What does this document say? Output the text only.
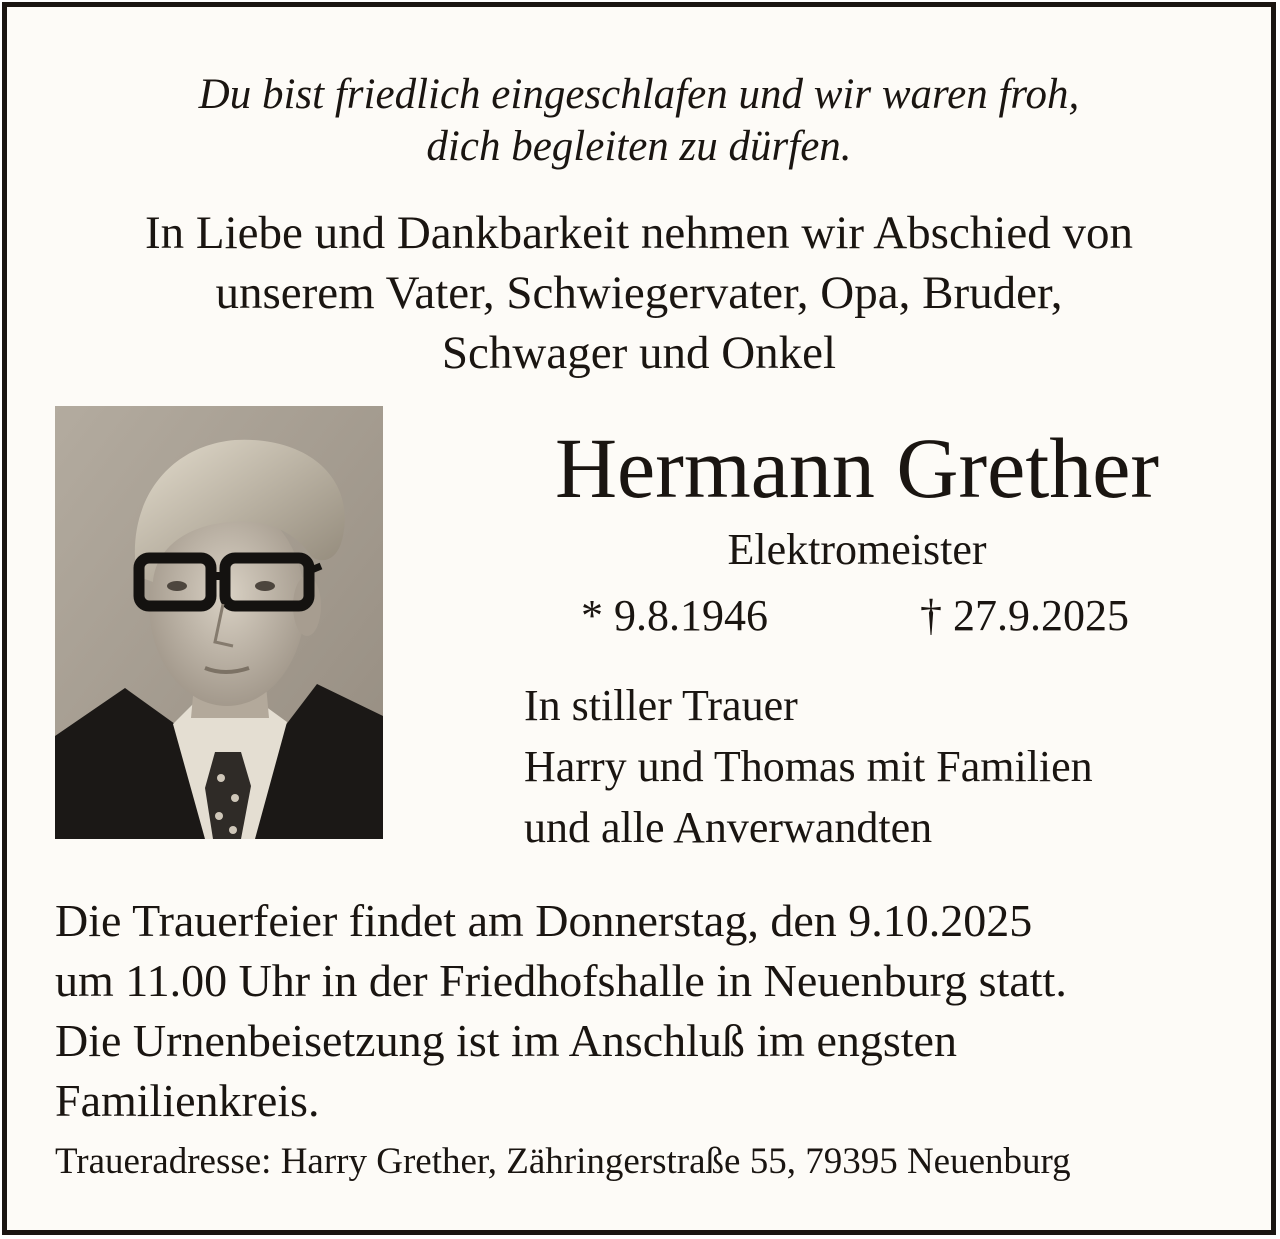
Du bist friedlich eingeschlafen und wir waren froh,
dich begleiten zu dürfen.
In Liebe und Dankbarkeit nehmen wir Abschied von
unserem Vater, Schwiegervater, Opa, Bruder,
Schwager und Onkel
Hermann Grether
Elektromeister
* 9.8.1946	† 27.9.2025
In stiller Trauer
Harry und Thomas mit Familien
und alle Anverwandten
Die Trauerfeier findet am Donnerstag, den 9.10.2025
um 11.00 Uhr in der Friedhofshalle in Neuenburg statt.
Die Urnenbeisetzung ist im Anschluß im engsten
Familienkreis.
Traueradresse: Harry Grether, Zähringerstraße 55, 79395 Neuenburg
